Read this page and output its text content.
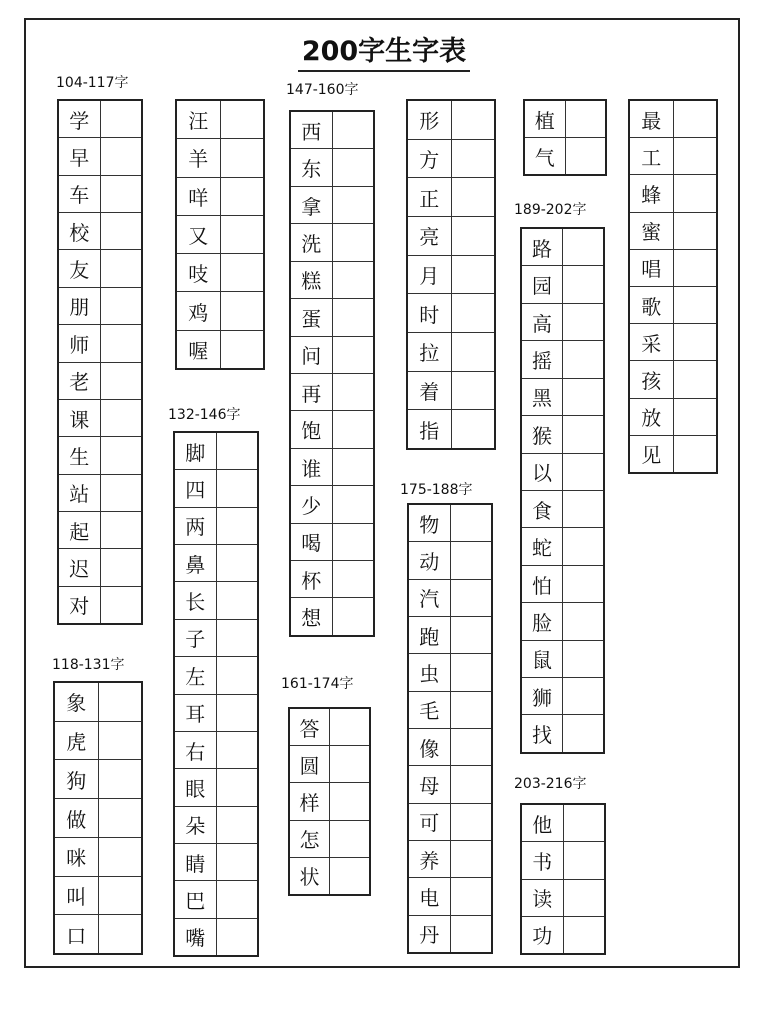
200字生字表
104-117字
118-131字
132-146字
147-160字
161-174字
175-188字
189-202字
203-216字
学
早
车
校
友
朋
师
老
课
生
站
起
迟
对
汪
羊
咩
又
吱
鸡
喔
象
虎
狗
做
咪
叫
口
脚
四
两
鼻
长
子
左
耳
右
眼
朵
睛
巴
嘴
西
东
拿
洗
糕
蛋
问
再
饱
谁
少
喝
杯
想
答
圆
样
怎
状
形
方
正
亮
月
时
拉
着
指
物
动
汽
跑
虫
毛
像
母
可
养
电
丹
植
气
路
园
高
摇
黑
猴
以
食
蛇
怕
脸
鼠
狮
找
他
书
读
功
最
工
蜂
蜜
唱
歌
采
孩
放
见
